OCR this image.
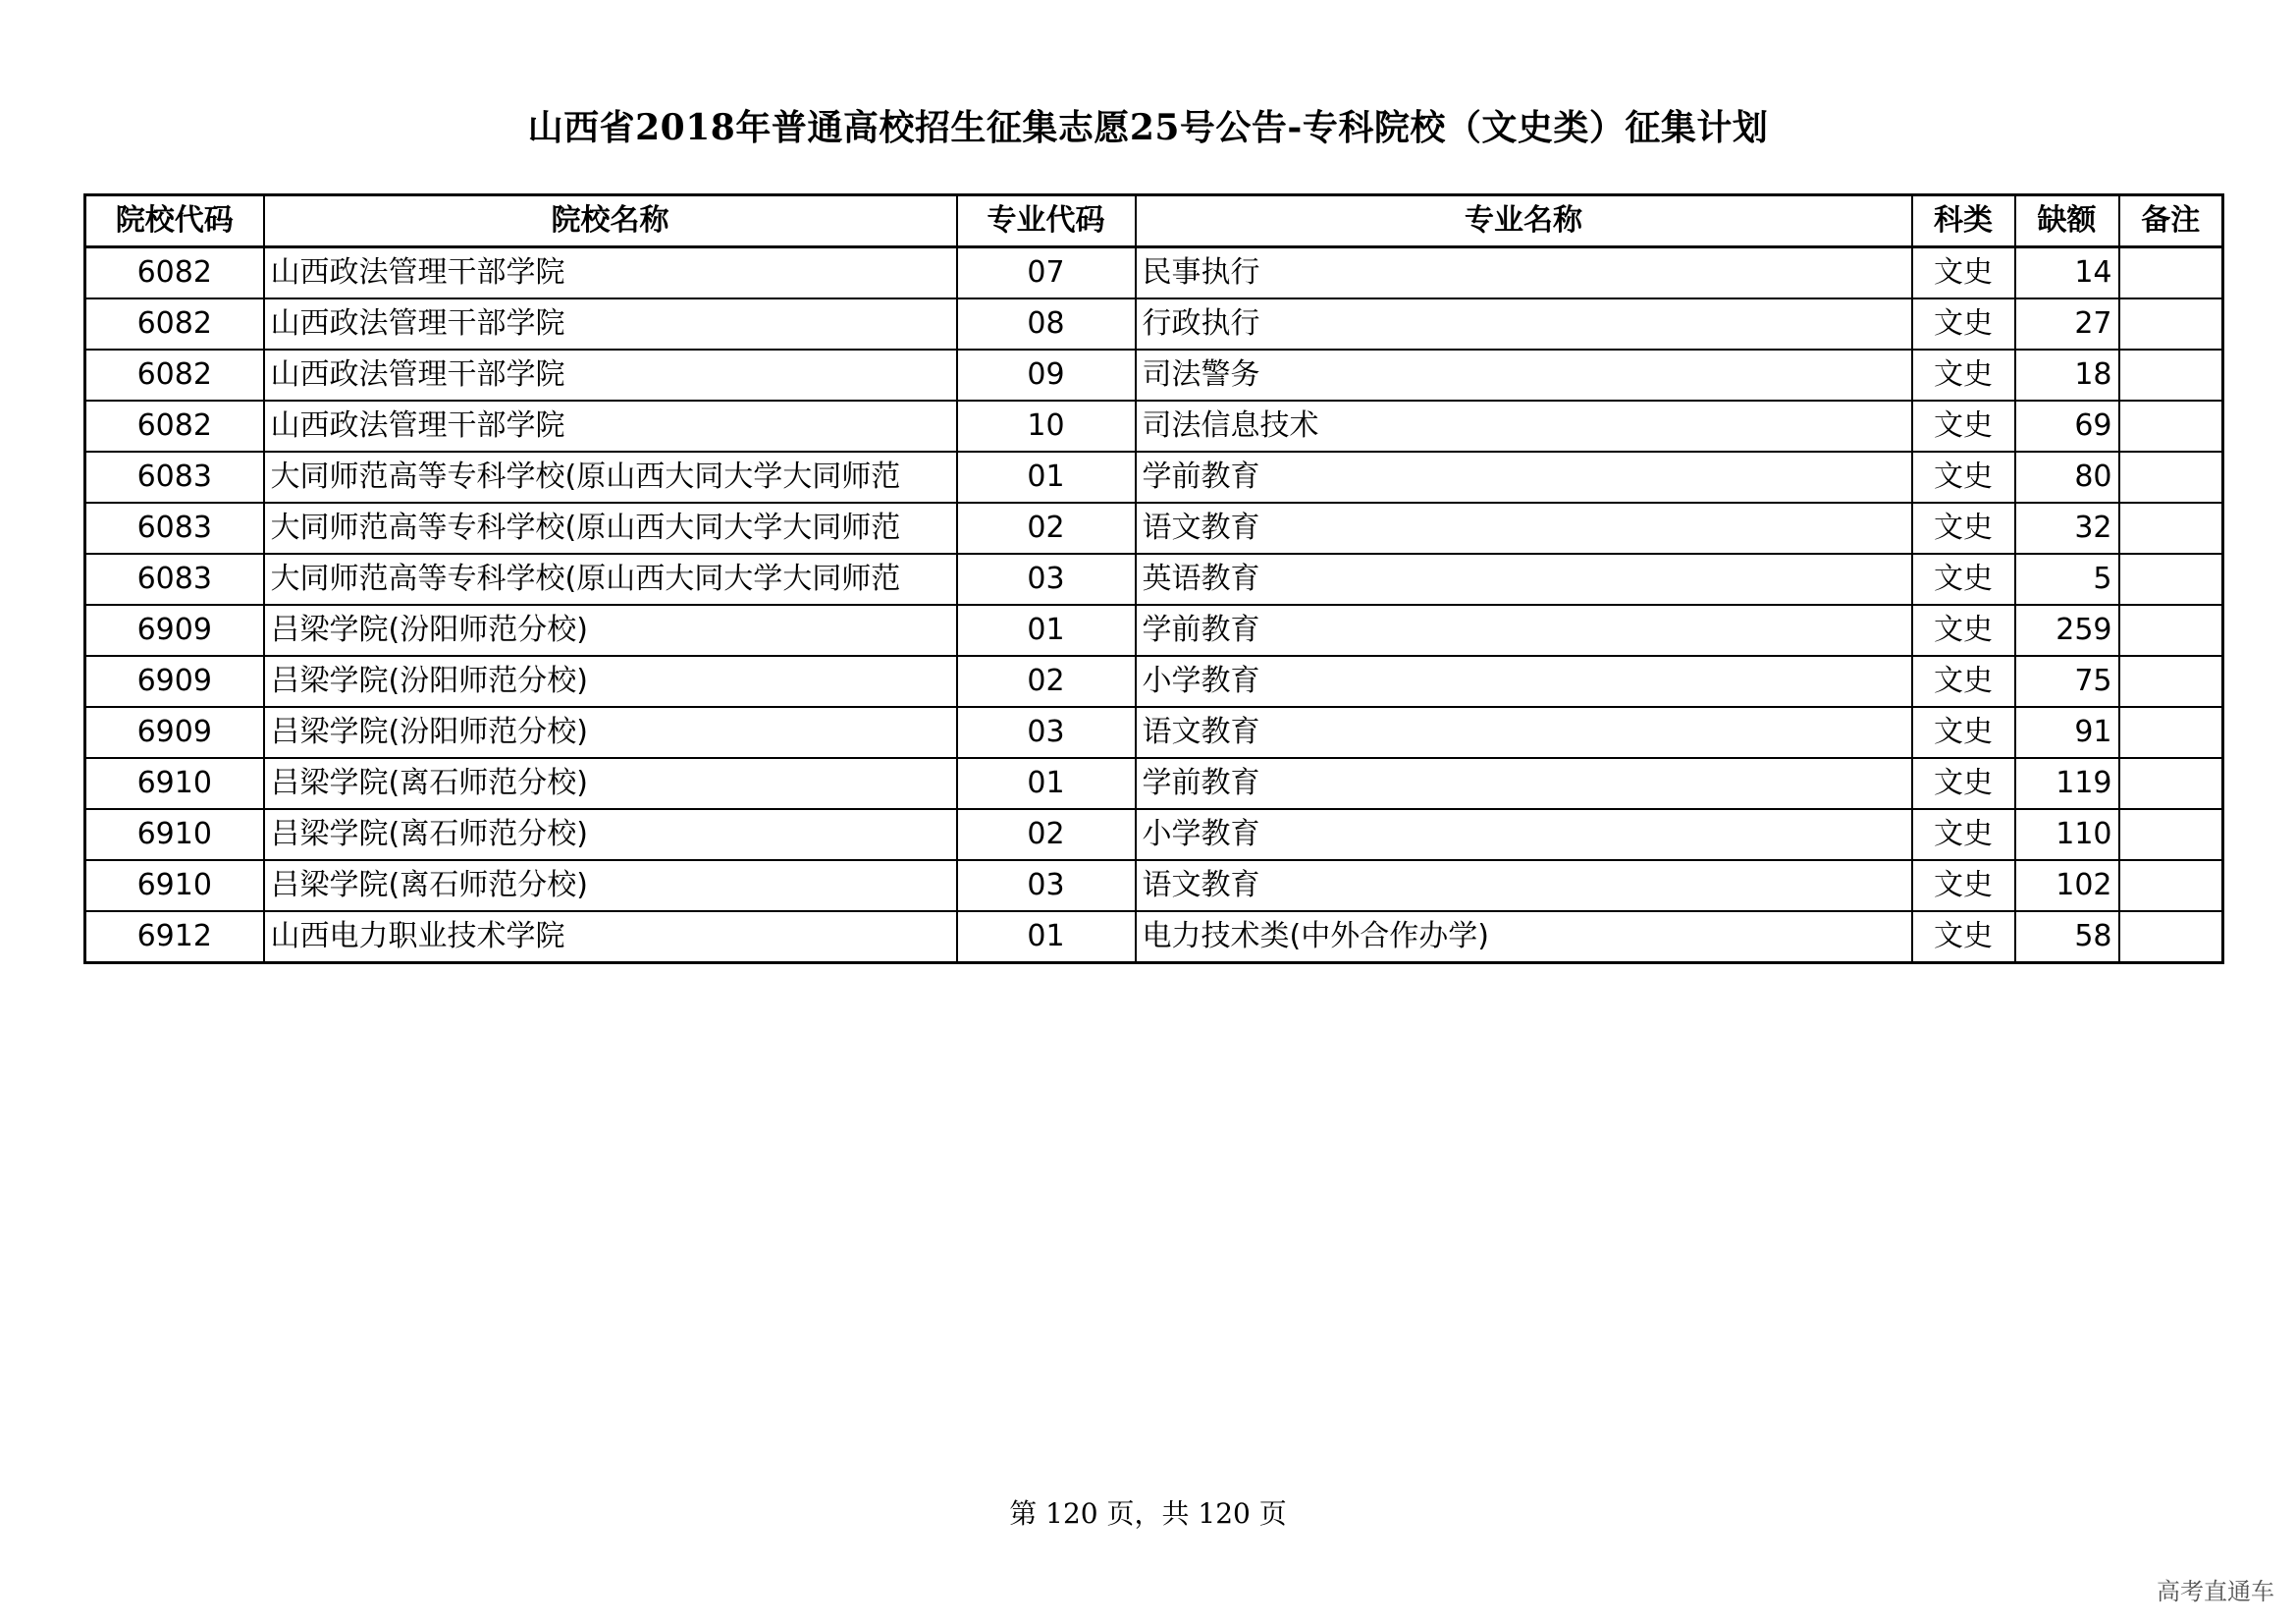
山西省2018年普通高校招生征集志愿25号公告-专科院校（文史类）征集计划
院校代码	院校名称	专业代码	专业名称	科类	缺额	备注
6082	山西政法管理干部学院	07	民事执行	文史	14	
6082	山西政法管理干部学院	08	行政执行	文史	27	
6082	山西政法管理干部学院	09	司法警务	文史	18	
6082	山西政法管理干部学院	10	司法信息技术	文史	69	
6083	大同师范高等专科学校(原山西大同大学大同师范	01	学前教育	文史	80	
6083	大同师范高等专科学校(原山西大同大学大同师范	02	语文教育	文史	32	
6083	大同师范高等专科学校(原山西大同大学大同师范	03	英语教育	文史	5	
6909	吕梁学院(汾阳师范分校)	01	学前教育	文史	259	
6909	吕梁学院(汾阳师范分校)	02	小学教育	文史	75	
6909	吕梁学院(汾阳师范分校)	03	语文教育	文史	91	
6910	吕梁学院(离石师范分校)	01	学前教育	文史	119	
6910	吕梁学院(离石师范分校)	02	小学教育	文史	110	
6910	吕梁学院(离石师范分校)	03	语文教育	文史	102	
6912	山西电力职业技术学院	01	电力技术类(中外合作办学)	文史	58	
第 120 页，共 120 页
高考直通车
